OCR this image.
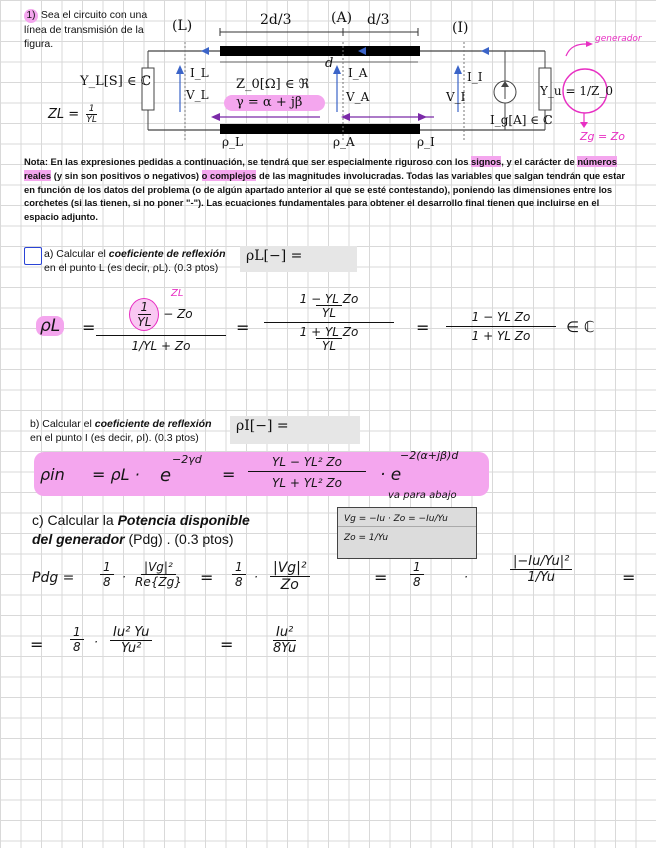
1) Sea el circuito con una línea de transmisión de la figura.
(L)	(A)
(I)
2d/3	d/3
d
Y_L[S] ∈ ℂ
I_L
V_L
Z_0[Ω] ∈ ℜ
γ = α + jβ
I_A
V_A
I_I
V_I	Y_u = 1/Z_0
I_g[A] ∈ ℂ
ρ_L	ρ_A	ρ_I
generador
Zg = Zo
ZL = $\frac{1}{YL}$
Nota: En las expresiones pedidas a continuación, se tendrá que ser especialmente riguroso con los signos, y el carácter de números reales (y sin son positivos o negativos) o complejos de las magnitudes involucradas. Todas las variables que salgan tendrán que estar en función de los datos del problema (o de algún apartado anterior al que se esté contestando), poniendo las dimensiones entre los corchetes (si las tienen, si no poner "-"). Las ecuaciones fundamentales para obtener el desarrollo final tienen que incluirse en el espacio adjunto.
a) Calcular el coeficiente de reflexión
en el punto L (es decir, ρL). (0.3 ptos)
ρL[−] =
ρL =	$\frac{1}{YL} - Zo$
1/YL + Zo
ZL
=
1 − YL Zo
YL
1 + YL Zo
YL
=
1 − YL Zo
1 + YL Zo	∈ ℂ
b) Calcular el coeficiente de reflexión
en el punto I (es decir, ρI). (0.3 ptos)
ρI[−] =
ρin = ρL · e
−2γd
=
YL − YL² Zo
YL + YL² Zo	· e
−2(α+jβ)d
c) Calcular la Potencia disponible
del generador (Pdg) . (0.3 ptos)
va para abajo
Vg = −Iu · Zo = −Iu/Yu
Zo = 1/Yu
Pdg = $\frac{1}{8} \cdot \frac{\text{|Vg|²}}{Re\{Zg\}} = \frac{1}{8} \cdot \frac{\text{|Vg|²}}{Zo}$	= $\frac{1}{8}$	·	$\frac{\text{|−Iu/Yu|²}}{1/Yu}$	=
= $\frac{1}{8} \cdot \frac{\text{Iu² Yu}}{\text{Yu²}}$	=	$\frac{\text{Iu²}}{8Yu}$
